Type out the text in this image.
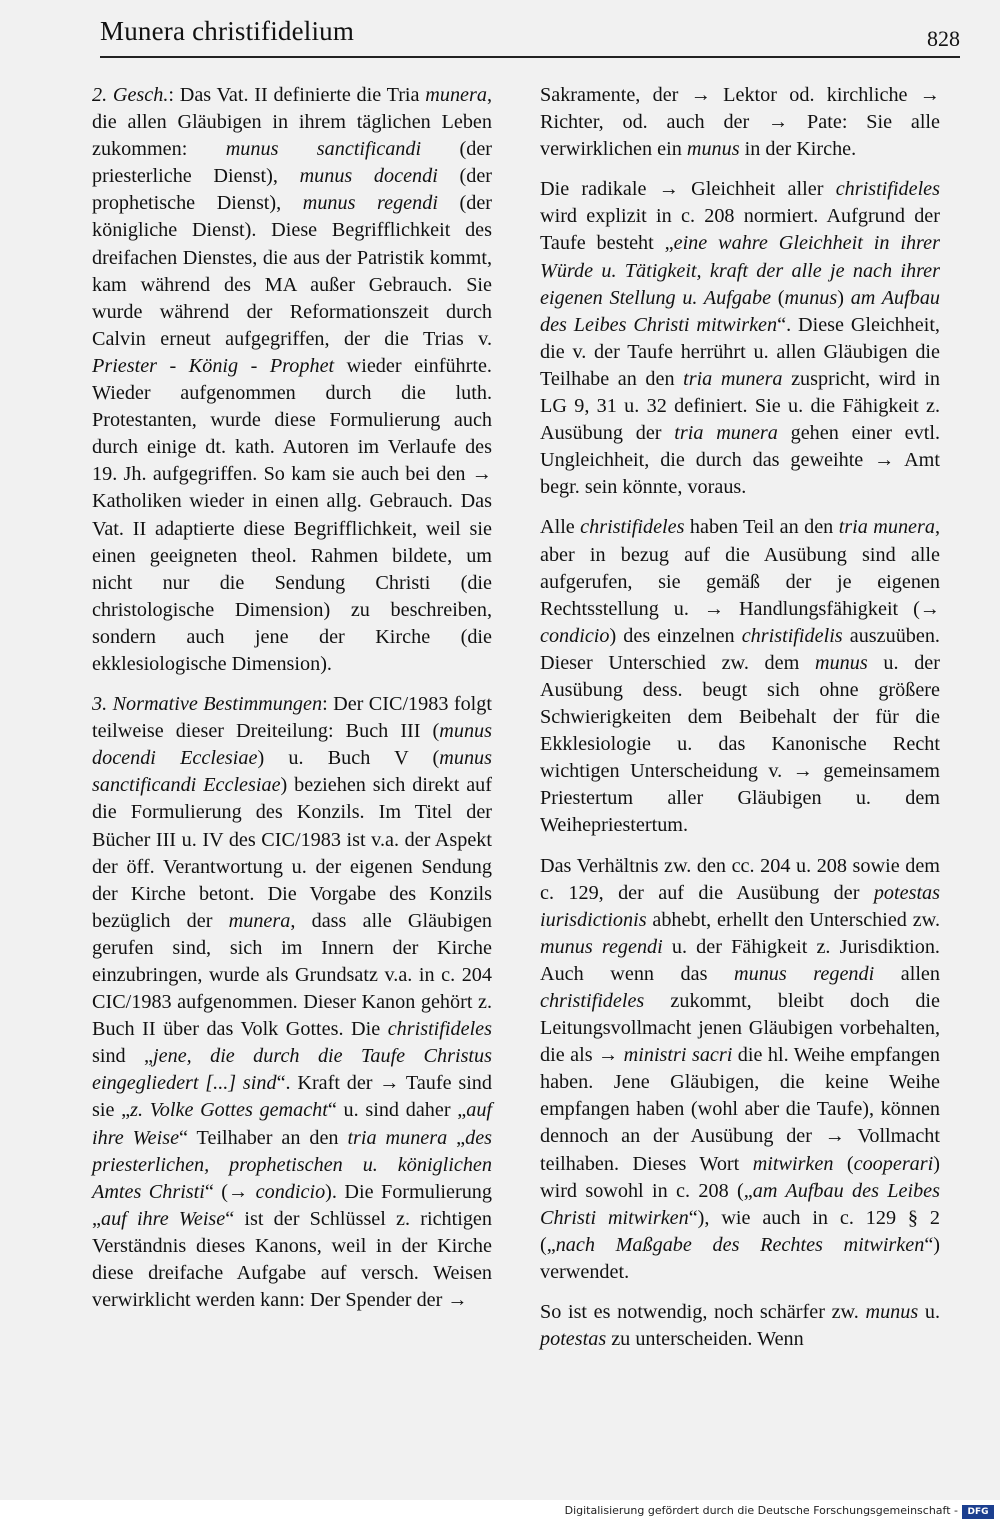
Munera christifidelium	828

2. Gesch.: Das Vat. II definierte die Tria munera, die allen Gläubigen in ihrem täglichen Leben zukommen: munus sanctificandi (der priesterliche Dienst), munus docendi (der prophetische Dienst), munus regendi (der königliche Dienst). Diese Begrifflichkeit des dreifachen Dienstes, die aus der Patristik kommt, kam während des MA außer Gebrauch. Sie wurde während der Reformationszeit durch Calvin erneut aufgegriffen, der die Trias v. Priester - König - Prophet wieder einführte. Wieder aufgenommen durch die luth. Protestanten, wurde diese Formulierung auch durch einige dt. kath. Autoren im Verlaufe des 19. Jh. aufgegriffen. So kam sie auch bei den → Katholiken wieder in einen allg. Gebrauch. Das Vat. II adaptierte diese Begrifflichkeit, weil sie einen geeigneten theol. Rahmen bildete, um nicht nur die Sendung Christi (die christologische Dimension) zu beschreiben, sondern auch jene der Kirche (die ekklesiologische Dimension).

3. Normative Bestimmungen: Der CIC/1983 folgt teilweise dieser Dreiteilung: Buch III (munus docendi Ecclesiae) u. Buch V (munus sanctificandi Ecclesiae) beziehen sich direkt auf die Formulierung des Konzils. Im Titel der Bücher III u. IV des CIC/1983 ist v.a. der Aspekt der öff. Verantwortung u. der eigenen Sendung der Kirche betont. Die Vorgabe des Konzils bezüglich der munera, dass alle Gläubigen gerufen sind, sich im Innern der Kirche einzubringen, wurde als Grundsatz v.a. in c. 204 CIC/1983 aufgenommen. Dieser Kanon gehört z. Buch II über das Volk Gottes. Die christifideles sind „jene, die durch die Taufe Christus eingegliedert [...] sind“. Kraft der → Taufe sind sie „z. Volke Gottes gemacht“ u. sind daher „auf ihre Weise“ Teilhaber an den tria munera „des priesterlichen, prophetischen u. königlichen Amtes Christi“ (→ condicio). Die Formulierung „auf ihre Weise“ ist der Schlüssel z. richtigen Verständnis dieses Kanons, weil in der Kirche diese dreifache Aufgabe auf versch. Weisen verwirklicht werden kann: Der Spender der →

Sakramente, der → Lektor od. kirchliche → Richter, od. auch der → Pate: Sie alle verwirklichen ein munus in der Kirche.

Die radikale → Gleichheit aller christifideles wird explizit in c. 208 normiert. Aufgrund der Taufe besteht „eine wahre Gleichheit in ihrer Würde u. Tätigkeit, kraft der alle je nach ihrer eigenen Stellung u. Aufgabe (munus) am Aufbau des Leibes Christi mitwirken“. Diese Gleichheit, die v. der Taufe herrührt u. allen Gläubigen die Teilhabe an den tria munera zuspricht, wird in LG 9, 31 u. 32 definiert. Sie u. die Fähigkeit z. Ausübung der tria munera gehen einer evtl. Ungleichheit, die durch das geweihte → Amt begr. sein könnte, voraus.

Alle christifideles haben Teil an den tria munera, aber in bezug auf die Ausübung sind alle aufgerufen, sie gemäß der je eigenen Rechtsstellung u. → Handlungsfähigkeit (→ condicio) des einzelnen christifidelis auszuüben. Dieser Unterschied zw. dem munus u. der Ausübung dess. beugt sich ohne größere Schwierigkeiten dem Beibehalt der für die Ekklesiologie u. das Kanonische Recht wichtigen Unterscheidung v. → gemeinsamem Priestertum aller Gläubigen u. dem Weihepriestertum.

Das Verhältnis zw. den cc. 204 u. 208 sowie dem c. 129, der auf die Ausübung der potestas iurisdictionis abhebt, erhellt den Unterschied zw. munus regendi u. der Fähigkeit z. Jurisdiktion. Auch wenn das munus regendi allen christifideles zukommt, bleibt doch die Leitungsvollmacht jenen Gläubigen vorbehalten, die als → ministri sacri die hl. Weihe empfangen haben. Jene Gläubigen, die keine Weihe empfangen haben (wohl aber die Taufe), können dennoch an der Ausübung der → Vollmacht teilhaben. Dieses Wort mitwirken (cooperari) wird sowohl in c. 208 („am Aufbau des Leibes Christi mitwirken“), wie auch in c. 129 § 2 („nach Maßgabe des Rechtes mitwirken“) verwendet.

So ist es notwendig, noch schärfer zw. munus u. potestas zu unterscheiden. Wenn

Digitalisierung gefördert durch die Deutsche Forschungsgemeinschaft -	DFG
